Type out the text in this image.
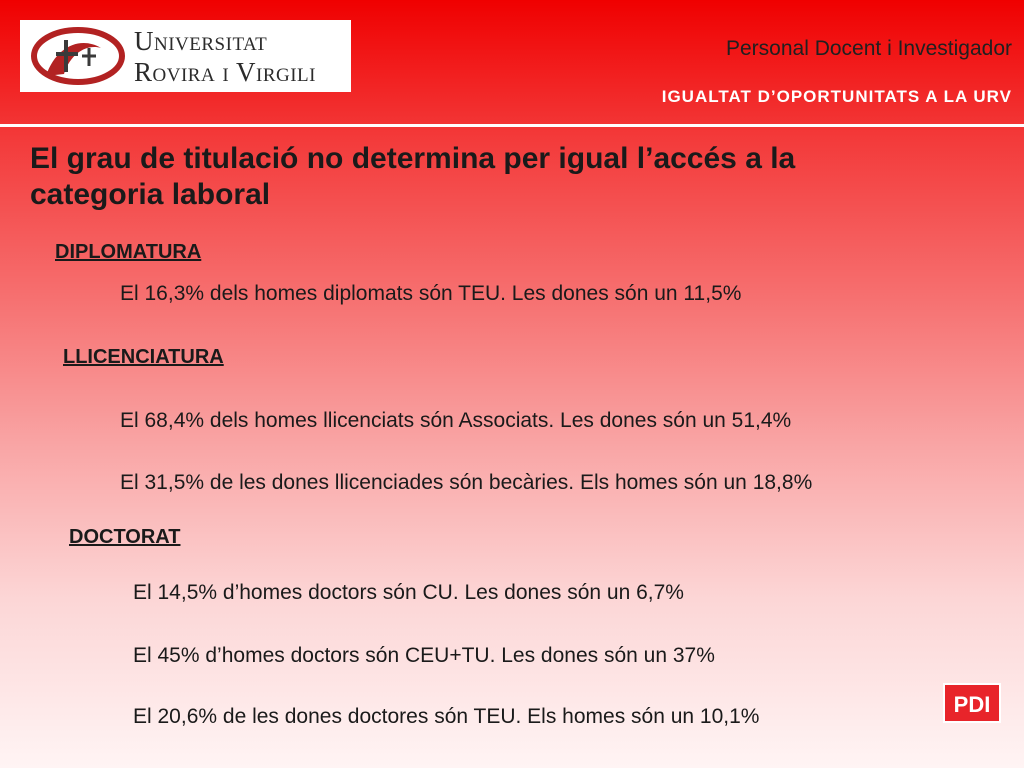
Universitat
Rovira i Virgili
Personal Docent i Investigador
IGUALTAT D’OPORTUNITATS A LA URV
El grau de titulació no determina per igual l’accés a la categoria laboral
DIPLOMATURA
El 16,3% dels homes diplomats són TEU. Les dones són un 11,5%
LLICENCIATURA
El 68,4% dels homes llicenciats són Associats. Les dones són un 51,4%
El 31,5% de les dones llicenciades són becàries. Els homes són un 18,8%
DOCTORAT
El 14,5% d’homes doctors són CU. Les dones són un 6,7%
El 45% d’homes doctors són CEU+TU. Les dones són un 37%
El 20,6% de les dones doctores són TEU. Els homes són un 10,1%	PDI
